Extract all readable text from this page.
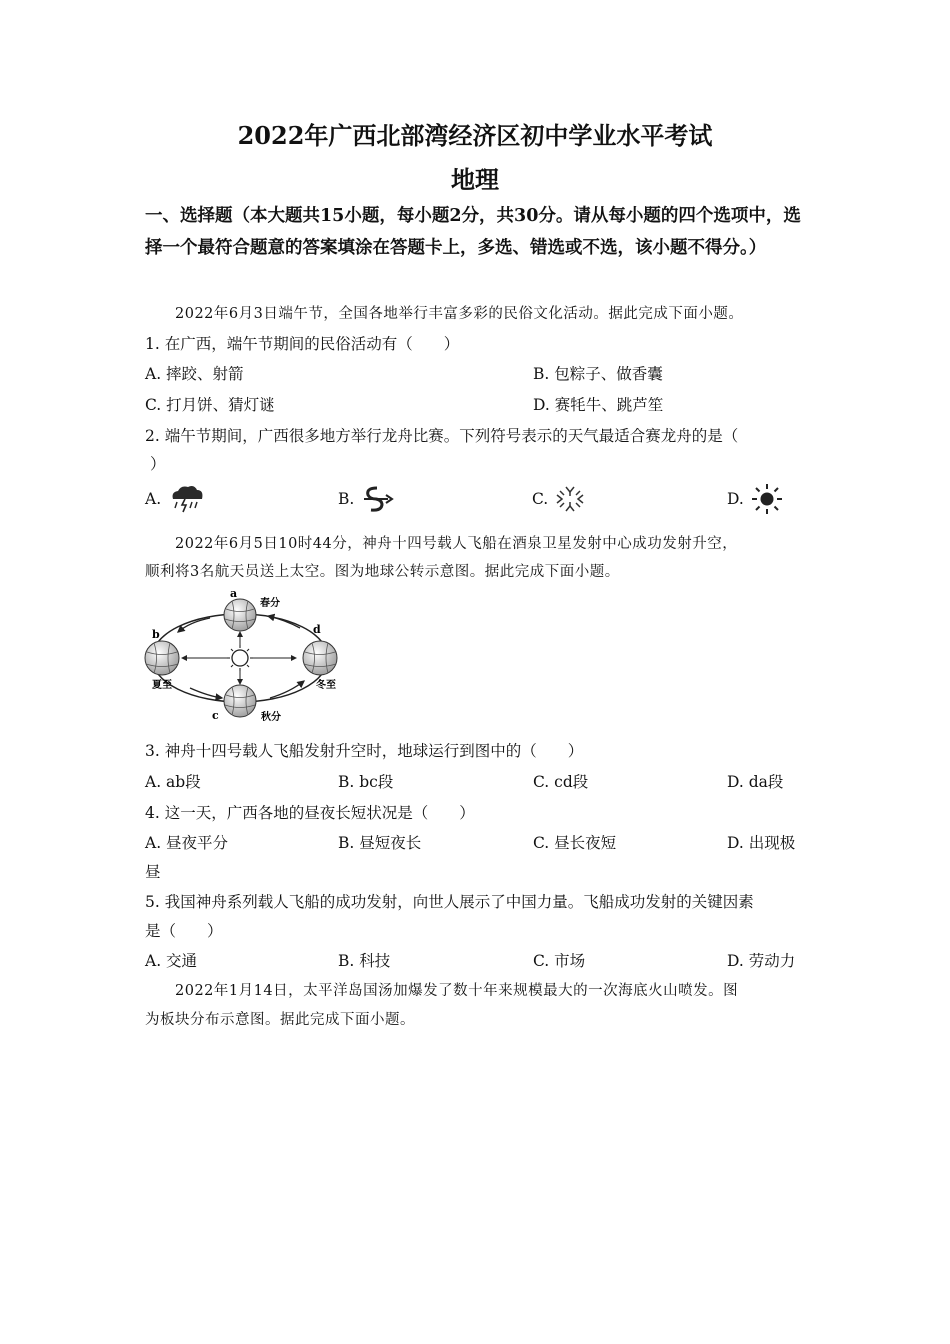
2022年广西北部湾经济区初中学业水平考试
地理
一、选择题（本大题共15小题，每小题2分，共30分。请从每小题的四个选项中，选择一个最符合题意的答案填涂在答题卡上，多选、错选或不选，该小题不得分。）
2022年6月3日端午节，全国各地举行丰富多彩的民俗文化活动。据此完成下面小题。
1. 在广西，端午节期间的民俗活动有（　　）
A. 摔跤、射箭	B. 包粽子、做香囊
C. 打月饼、猜灯谜	D. 赛牦牛、跳芦笙
2. 端午节期间，广西很多地方举行龙舟比赛。下列符号表示的天气最适合赛龙舟的是（
）
A.	B.	C.	D.
2022年6月5日10时44分，神舟十四号载人飞船在酒泉卫星发射中心成功发射升空，
顺利将3名航天员送上太空。图为地球公转示意图。据此完成下面小题。
a
春分
b
夏至
c	秋分
d
冬至
3. 神舟十四号载人飞船发射升空时，地球运行到图中的（　　）
A. ab段	B. bc段	C. cd段	D. da段
4. 这一天，广西各地的昼夜长短状况是（　　）
A. 昼夜平分	B. 昼短夜长	C. 昼长夜短	D. 出现极
昼
5. 我国神舟系列载人飞船的成功发射，向世人展示了中国力量。飞船成功发射的关键因素
是（　　）
A. 交通	B. 科技	C. 市场	D. 劳动力
2022年1月14日，太平洋岛国汤加爆发了数十年来规模最大的一次海底火山喷发。图
为板块分布示意图。据此完成下面小题。
